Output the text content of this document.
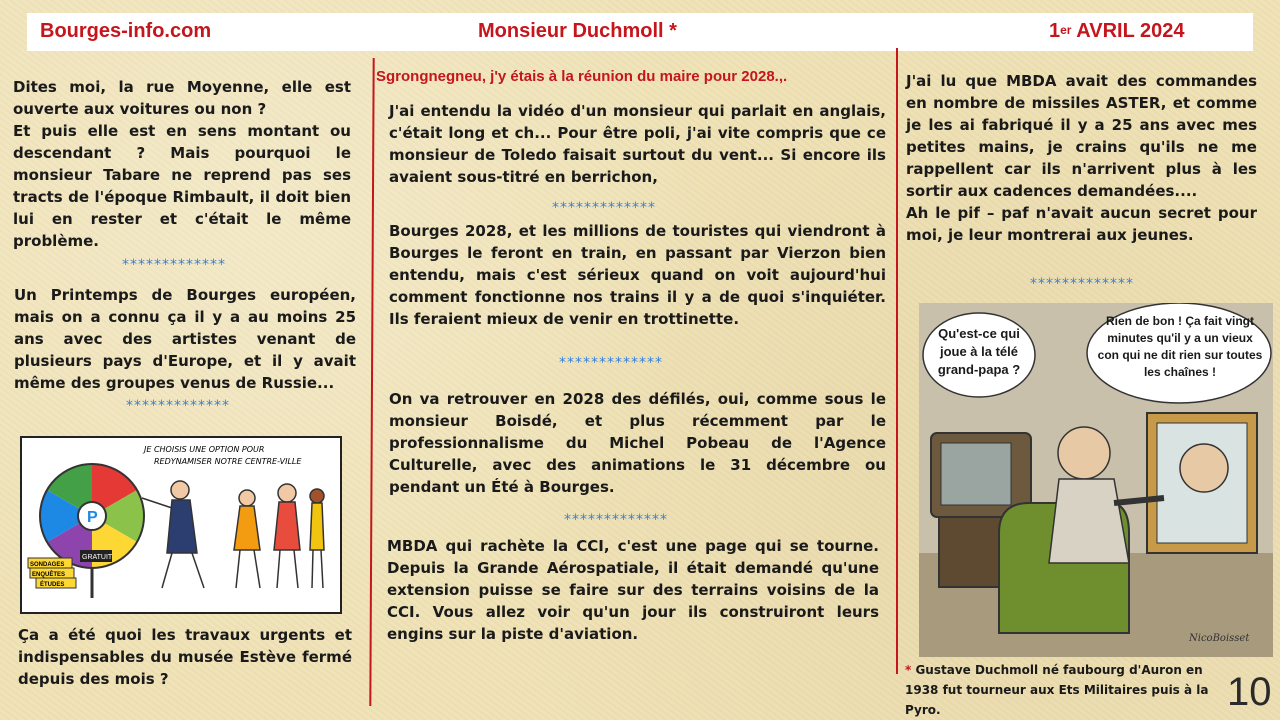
Bourges-info.com	Monsieur Duchmoll *	1er AVRIL 2024

Dites moi, la rue Moyenne, elle est ouverte aux voitures ou non ?

Et puis elle est en sens montant ou descendant ? Mais pourquoi le monsieur Tabare ne reprend pas ses tracts de l'époque Rimbault, il doit bien lui en rester et c'était le même problème.

*************
Un Printemps de Bourges européen, mais on a connu ça il y a au moins 25 ans avec des artistes venant de plusieurs pays d'Europe, et il y avait même des groupes venus de Russie...
*************
P
GRATUIT
SONDAGES
ENQUÊTES
ÉTUDES
JE CHOISIS UNE OPTION POUR
REDYNAMISER NOTRE CENTRE-VILLE
Ça a été quoi les travaux urgents et indispensables du musée Estève fermé depuis des mois ?
Sgrongnegneu, j'y étais à la réunion du maire pour 2028.,.
J'ai entendu la vidéo d'un monsieur qui parlait en anglais, c'était long et ch... Pour être poli, j'ai vite compris que ce monsieur de Toledo faisait surtout du vent... Si encore ils avaient sous-titré en berrichon,
*************
Bourges 2028, et les millions de touristes qui viendront à Bourges le feront en train, en passant par Vierzon bien entendu, mais c'est sérieux quand on voit aujourd'hui comment fonctionne nos trains il y a de quoi s'inquiéter. Ils feraient mieux de venir en trottinette.
*************
On va retrouver en 2028 des défilés, oui, comme sous le monsieur Boisdé, et plus récemment par le professionnalisme du Michel Pobeau de l'Agence Culturelle, avec des animations le 31 décembre ou pendant un Été à Bourges.
*************
MBDA qui rachète la CCI, c'est une page qui se tourne. Depuis la Grande Aérospatiale, il était demandé qu'une extension puisse se faire sur des terrains voisins de la CCI. Vous allez voir qu'un jour ils construiront leurs engins sur la piste d'aviation.

J'ai lu que MBDA avait des commandes en nombre de missiles ASTER, et comme je les ai fabriqué il y a 25 ans avec mes petites mains, je crains qu'ils ne me rappellent car ils n'arrivent plus à les sortir aux cadences demandées....

Ah le pif – paf n'avait aucun secret pour moi, je leur montrerai aux jeunes.

*************
Qu'est-ce qui joue à la télé grand-papa ?
Rien de bon ! Ça fait vingt minutes qu'il y a un vieux con qui ne dit rien sur toutes les chaînes !
NicoBoisset
* Gustave Duchmoll né faubourg d'Auron en 1938 fut tourneur aux Ets Militaires puis à la Pyro.	10
